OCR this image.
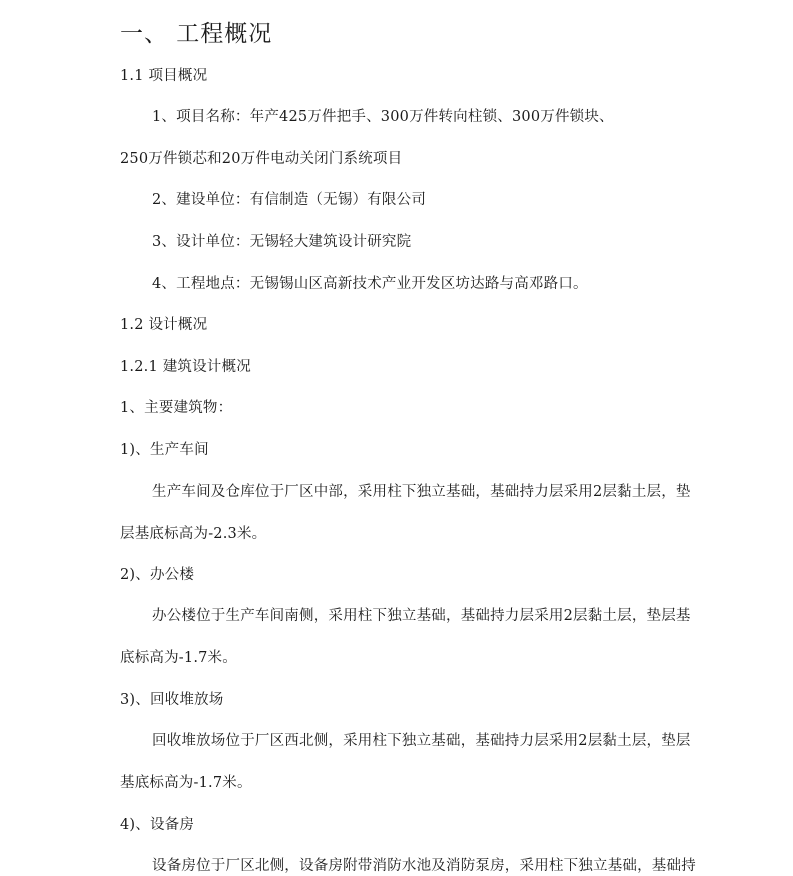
一、 工程概况
1.1 项目概况
1、项目名称：年产425万件把手、300万件转向柱锁、300万件锁块、
250万件锁芯和20万件电动关闭门系统项目
2、建设单位：有信制造（无锡）有限公司
3、设计单位：无锡轻大建筑设计研究院
4、工程地点：无锡锡山区高新技术产业开发区坊达路与高邓路口。
1.2 设计概况
1.2.1 建筑设计概况
1、主要建筑物：
1)、生产车间
生产车间及仓库位于厂区中部，采用柱下独立基础，基础持力层采用2层黏土层，垫
层基底标高为-2.3米。
2)、办公楼
办公楼位于生产车间南侧，采用柱下独立基础，基础持力层采用2层黏土层，垫层基
底标高为-1.7米。
3)、回收堆放场
回收堆放场位于厂区西北侧，采用柱下独立基础，基础持力层采用2层黏土层，垫层
基底标高为-1.7米。
4)、设备房
设备房位于厂区北侧，设备房附带消防水池及消防泵房，采用柱下独立基础，基础持
